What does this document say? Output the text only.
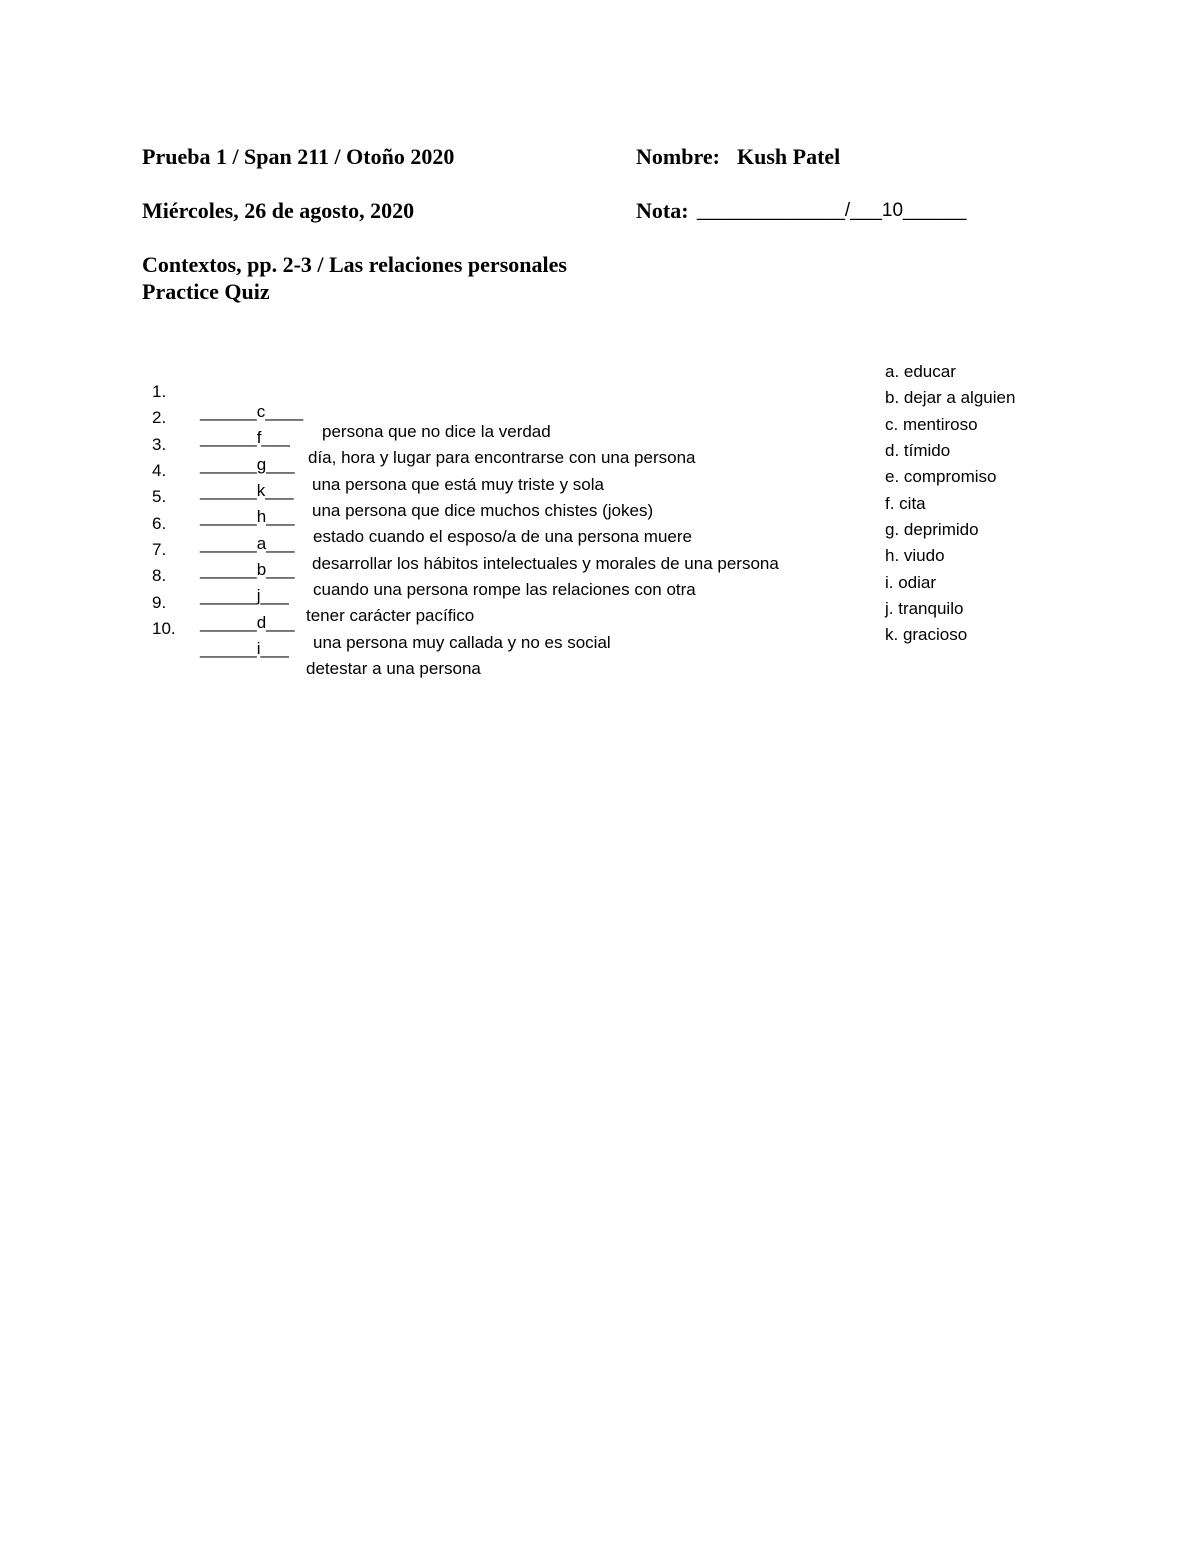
Prueba 1 / Span 211 / Otoño 2020	Nombre: Kush Patel
Miércoles, 26 de agosto, 2020	Nota: ______________/___10______
Contextos, pp. 2-3 / Las relaciones personales
Practice Quiz

1.

______c____

persona que no dice la verdad

2.

______f___

día, hora y lugar para encontrarse con una persona

3.

______g___

una persona que está muy triste y sola

4.

______k___

una persona que dice muchos chistes (jokes)

5.

______h___

estado cuando el esposo/a de una persona muere

6.

______a___

desarrollar los hábitos intelectuales y morales de una persona

7.

______b___

cuando una persona rompe las relaciones con otra

8.

______j___

tener carácter pacífico

9.

______d___

una persona muy callada y no es social

10.

______i___

detestar a una persona

a. educar
b. dejar a alguien
c. mentiroso
d. tímido
e. compromiso
f. cita
g. deprimido
h. viudo
i. odiar
j. tranquilo
k. gracioso
